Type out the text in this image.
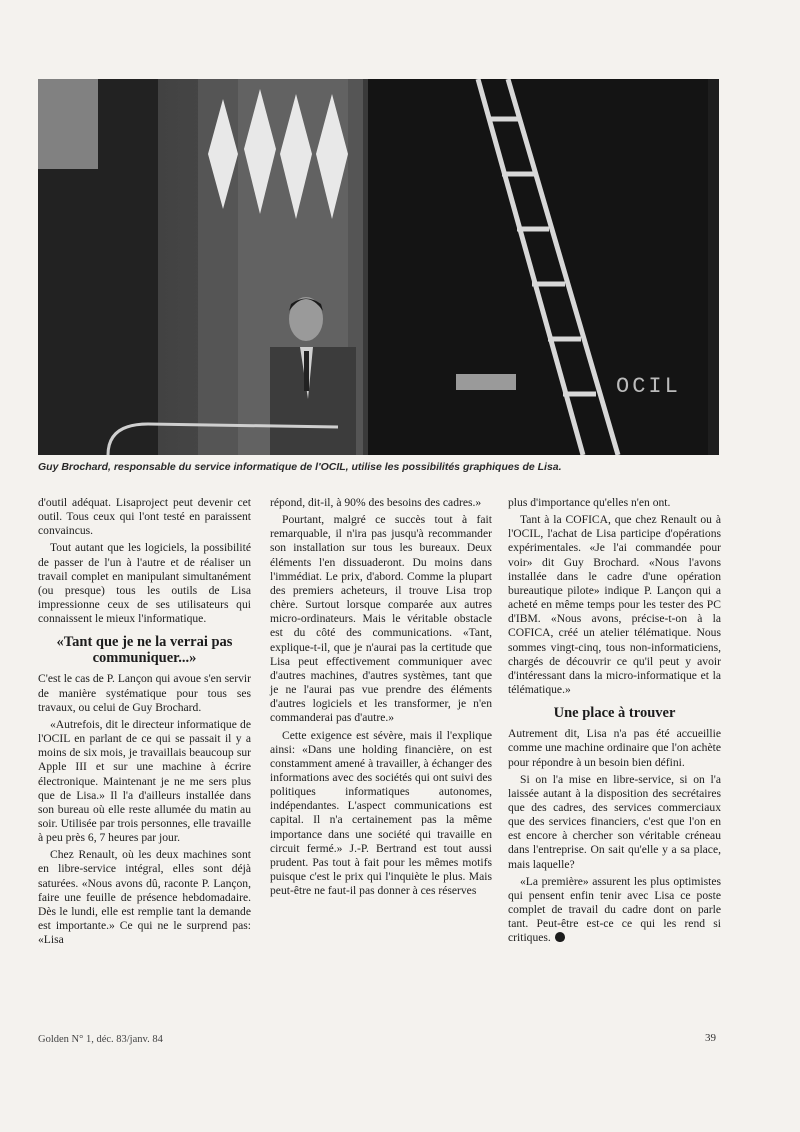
OCIL
Guy Brochard, responsable du service informatique de l'OCIL, utilise les possibilités graphiques de Lisa.

d'outil adéquat. Lisaproject peut devenir cet outil. Tous ceux qui l'ont testé en paraissent convaincus.

Tout autant que les logiciels, la possibilité de passer de l'un à l'autre et de réaliser un travail complet en manipulant simultanément (ou presque) tous les outils de Lisa impressionne ceux de ses utilisateurs qui connaissent le mieux l'informatique.

«Tant que je ne la verrai pas communiquer...»

C'est le cas de P. Lançon qui avoue s'en servir de manière systématique pour tous ses travaux, ou celui de Guy Brochard.

«Autrefois, dit le directeur informatique de l'OCIL en parlant de ce qui se passait il y a moins de six mois, je travaillais beaucoup sur Apple III et sur une machine à écrire électronique. Maintenant je ne me sers plus que de Lisa.» Il l'a d'ailleurs installée dans son bureau où elle reste allumée du matin au soir. Utilisée par trois personnes, elle travaille à peu près 6, 7 heures par jour.

Chez Renault, où les deux machines sont en libre-service intégral, elles sont déjà saturées. «Nous avons dû, raconte P. Lançon, faire une feuille de présence hebdomadaire. Dès le lundi, elle est remplie tant la demande est importante.» Ce qui ne le surprend pas: «Lisa

répond, dit-il, à 90% des besoins des cadres.»

Pourtant, malgré ce succès tout à fait remarquable, il n'ira pas jusqu'à recommander son installation sur tous les bureaux. Deux éléments l'en dissuaderont. Du moins dans l'immédiat. Le prix, d'abord. Comme la plupart des premiers acheteurs, il trouve Lisa trop chère. Surtout lorsque comparée aux autres micro-ordinateurs. Mais le véritable obstacle est du côté des communications. «Tant, explique-t-il, que je n'aurai pas la certitude que Lisa peut effectivement communiquer avec d'autres machines, d'autres systèmes, tant que je ne l'aurai pas vue prendre des éléments d'autres logiciels et les transformer, je n'en commanderai pas d'autre.»

Cette exigence est sévère, mais il l'explique ainsi: «Dans une holding financière, on est constamment amené à travailler, à échanger des informations avec des sociétés qui ont suivi des politiques informatiques autonomes, indépendantes. L'aspect communications est capital. Il n'a certainement pas la même importance dans une société qui travaille en circuit fermé.» J.-P. Bertrand est tout aussi prudent. Pas tout à fait pour les mêmes motifs puisque c'est le prix qui l'inquiète le plus. Mais peut-être ne faut-il pas donner à ces réserves

plus d'importance qu'elles n'en ont.

Tant à la COFICA, que chez Renault ou à l'OCIL, l'achat de Lisa participe d'opérations expérimentales. «Je l'ai commandée pour voir» dit Guy Brochard. «Nous l'avons installée dans le cadre d'une opération bureautique pilote» indique P. Lançon qui a acheté en même temps pour les tester des PC d'IBM. «Nous avons, précise-t-on à la COFICA, créé un atelier télématique. Nous sommes vingt-cinq, tous non-informaticiens, chargés de découvrir ce qu'il peut y avoir d'intéressant dans la micro-informatique et la télématique.»

Une place à trouver

Autrement dit, Lisa n'a pas été accueillie comme une machine ordinaire que l'on achète pour répondre à un besoin bien défini.

Si on l'a mise en libre-service, si on l'a laissée autant à la disposition des secrétaires que des cadres, des services commerciaux que des services financiers, c'est que l'on en est encore à chercher son véritable créneau dans l'entreprise. On sait qu'elle y a sa place, mais laquelle?

«La première» assurent les plus optimistes qui pensent enfin tenir avec Lisa ce poste complet de travail du cadre dont on parle tant. Peut-être est-ce ce qui les rend si critiques.

Golden N° 1, déc. 83/janv. 84	39
